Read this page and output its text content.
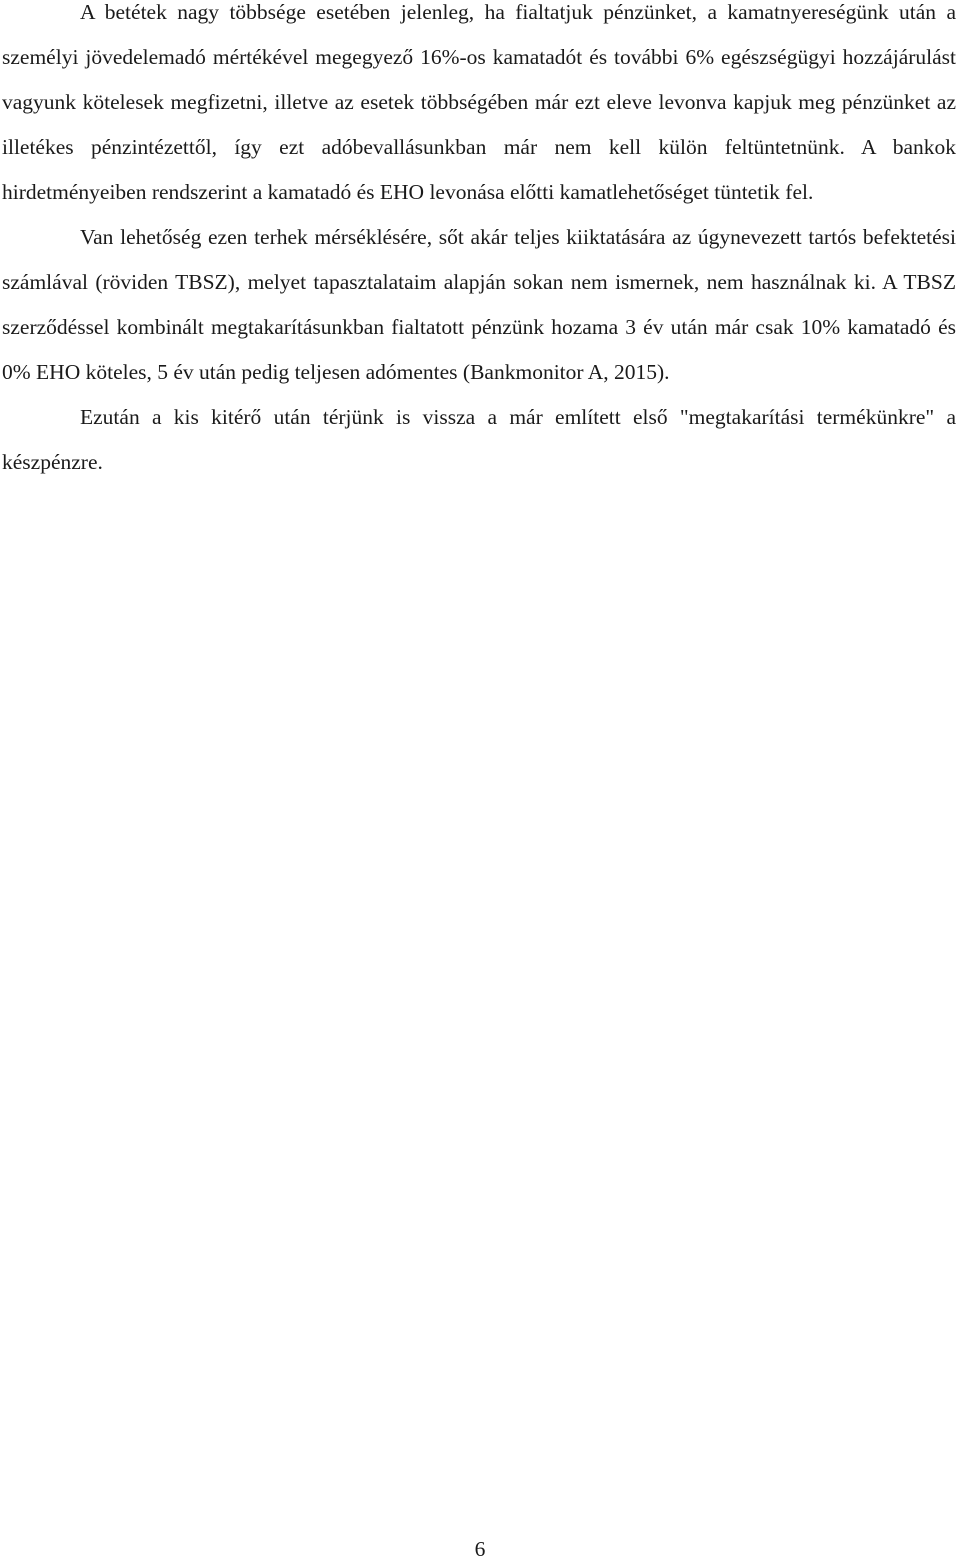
A betétek nagy többsége esetében jelenleg, ha fialtatjuk pénzünket, a kamatnyereségünk után a személyi jövedelemadó mértékével megegyező 16%-os kamatadót és további 6% egészségügyi hozzájárulást vagyunk kötelesek megfizetni, illetve az esetek többségében már ezt eleve levonva kapjuk meg pénzünket az illetékes pénzintézettől, így ezt adóbevallásunkban már nem kell külön feltüntetnünk. A bankok hirdetményeiben rendszerint a kamatadó és EHO levonása előtti kamatlehetőséget tüntetik fel.

Van lehetőség ezen terhek mérséklésére, sőt akár teljes kiiktatására az úgynevezett tartós befektetési számlával (röviden TBSZ), melyet tapasztalataim alapján sokan nem ismernek, nem használnak ki. A TBSZ szerződéssel kombinált megtakarításunkban fialtatott pénzünk hozama 3 év után már csak 10% kamatadó és 0% EHO köteles, 5 év után pedig teljesen adómentes (Bankmonitor A, 2015).

Ezután a kis kitérő után térjünk is vissza a már említett első "megtakarítási termékünkre" a készpénzre.

6
